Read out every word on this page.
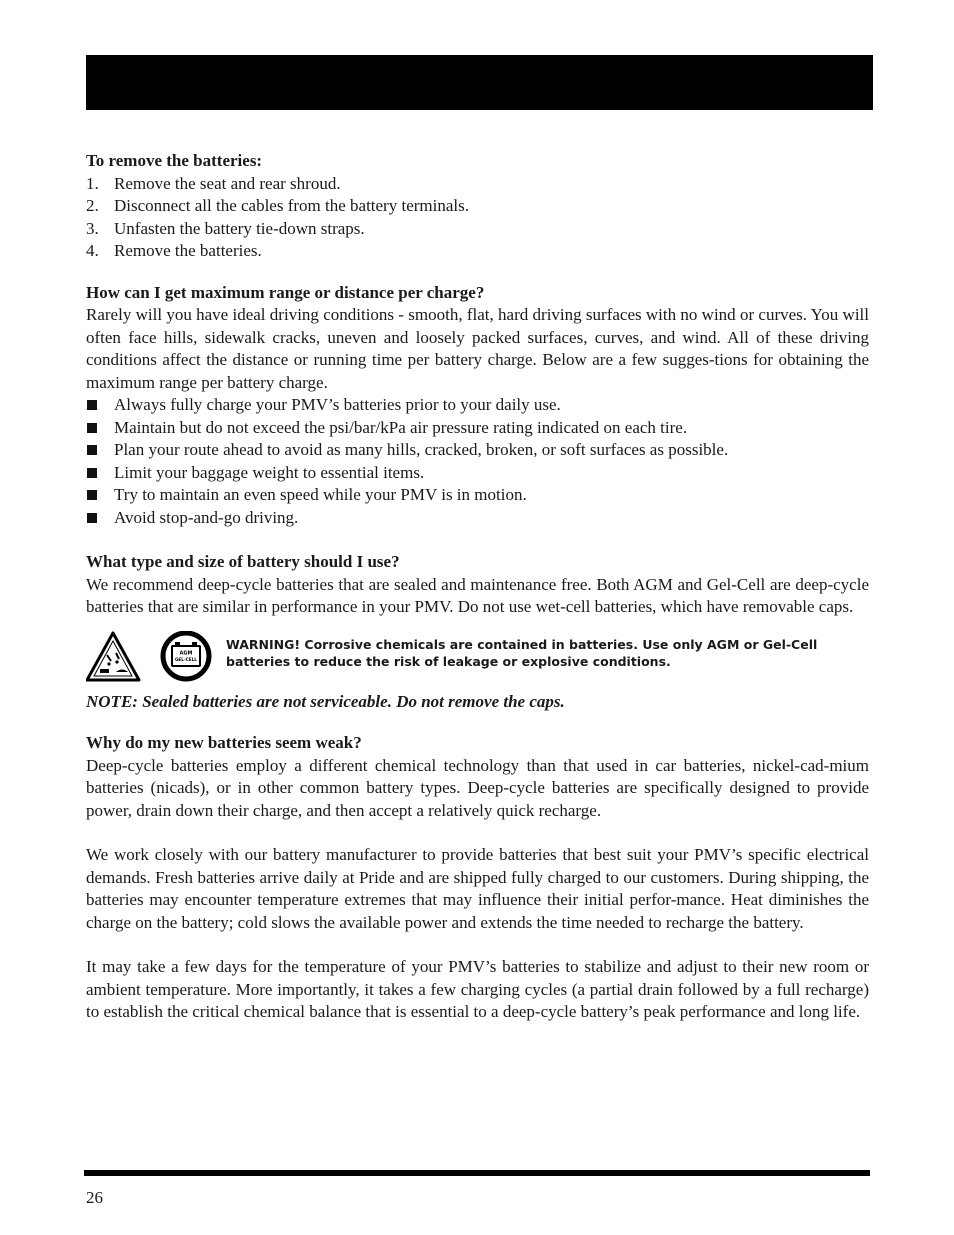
To remove the batteries:

1. Remove the seat and rear shroud.
2. Disconnect all the cables from the battery terminals.
3. Unfasten the battery tie-down straps.
4. Remove the batteries.

How can I get maximum range or distance per charge?

Rarely will you have ideal driving conditions - smooth, flat, hard driving surfaces with no wind or curves. You will often face hills, sidewalk cracks, uneven and loosely packed surfaces, curves, and wind. All of these driving conditions affect the distance or running time per battery charge. Below are a few sugges-tions for obtaining the maximum range per battery charge.

Always fully charge your PMV’s batteries prior to your daily use.
Maintain but do not exceed the psi/bar/kPa air pressure rating indicated on each tire.
Plan your route ahead to avoid as many hills, cracked, broken, or soft surfaces as possible.
Limit your baggage weight to essential items.
Try to maintain an even speed while your PMV is in motion.
Avoid stop-and-go driving.

What type and size of battery should I use?

We recommend deep-cycle batteries that are sealed and maintenance free. Both AGM and Gel-Cell are deep-cycle batteries that are similar in performance in your PMV. Do not use wet-cell batteries, which have removable caps.

AGM
GEL-CELL
WARNING! Corrosive chemicals are contained in batteries. Use only AGM or Gel-Cell batteries to reduce the risk of leakage or explosive conditions.

NOTE: Sealed batteries are not serviceable. Do not remove the caps.

Why do my new batteries seem weak?

Deep-cycle batteries employ a different chemical technology than that used in car batteries, nickel-cad-mium batteries (nicads), or in other common battery types. Deep-cycle batteries are specifically designed to provide power, drain down their charge, and then accept a relatively quick recharge.

We work closely with our battery manufacturer to provide batteries that best suit your PMV’s specific electrical demands. Fresh batteries arrive daily at Pride and are shipped fully charged to our customers. During shipping, the batteries may encounter temperature extremes that may influence their initial perfor-mance. Heat diminishes the charge on the battery; cold slows the available power and extends the time needed to recharge the battery.

It may take a few days for the temperature of your PMV’s batteries to stabilize and adjust to their new room or ambient temperature. More importantly, it takes a few charging cycles (a partial drain followed by a full recharge) to establish the critical chemical balance that is essential to a deep-cycle battery’s peak performance and long life.

26
